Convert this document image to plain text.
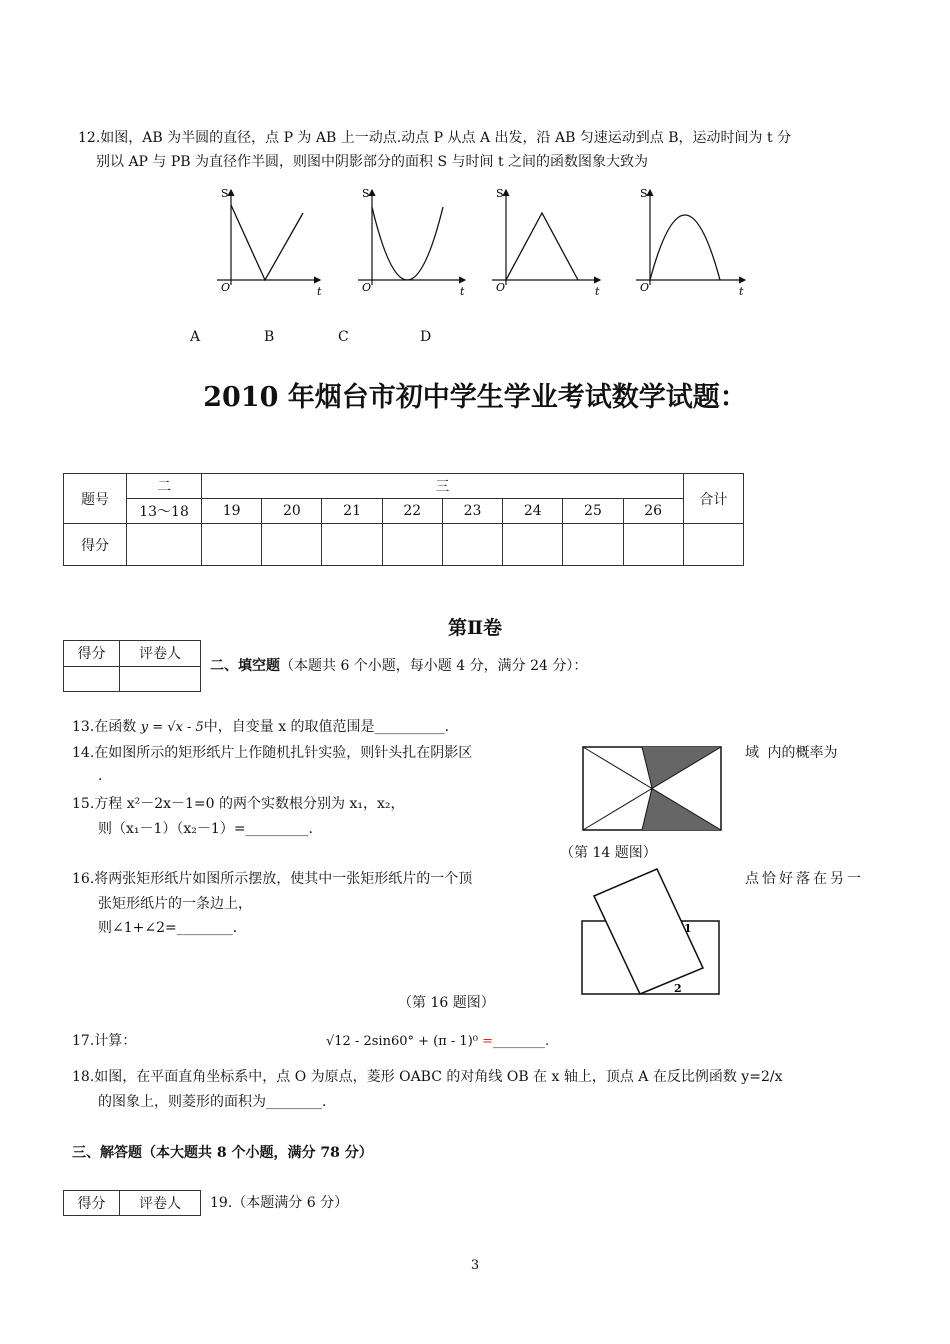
12.如图，AB 为半圆的直径，点 P 为 AB 上一动点.动点 P 从点 A 出发，沿 AB 匀速运动到点 B，运动时间为 t 分
别以 AP 与 PB 为直径作半圆，则图中阴影部分的面积 S 与时间 t 之间的函数图象大致为
S
O	t
S
O	t
S
O	t
S
O	t
A	B	C	D
2010 年烟台市初中学生学业考试数学试题：
题号	二	三								合计
	13～18	19	20	21	22	23	24	25	26	
得分										
第Ⅱ卷
得分	评卷人

二、填空题（本题共 6 个小题，每小题 4 分，满分 24 分）：
13.在函数 y = √x - 5中，自变量 x 的取值范围是__________.
14.在如图所示的矩形纸片上作随机扎针实验，则针头扎在阴影区	域 内的概率为
.
15.方程 x²－2x－1=0 的两个实数根分别为 x₁，x₂，
则（x₁－1）（x₂－1）=_________.
（第 14 题图）
16.将两张矩形纸片如图所示摆放，使其中一张矩形纸片的一个顶	点恰好落在另一
张矩形纸片的一条边上，
则∠1+∠2=________.	1
2
（第 16 题图）
17.计算：	√12 - 2sin60° + (π - 1)⁰ =________.
18.如图，在平面直角坐标系中，点 O 为原点，菱形 OABC 的对角线 OB 在 x 轴上，顶点 A 在反比例函数 y=2/x
的图象上，则菱形的面积为________.
三、解答题（本大题共 8 个小题，满分 78 分）
得分	评卷人 19.（本题满分 6 分）
3
